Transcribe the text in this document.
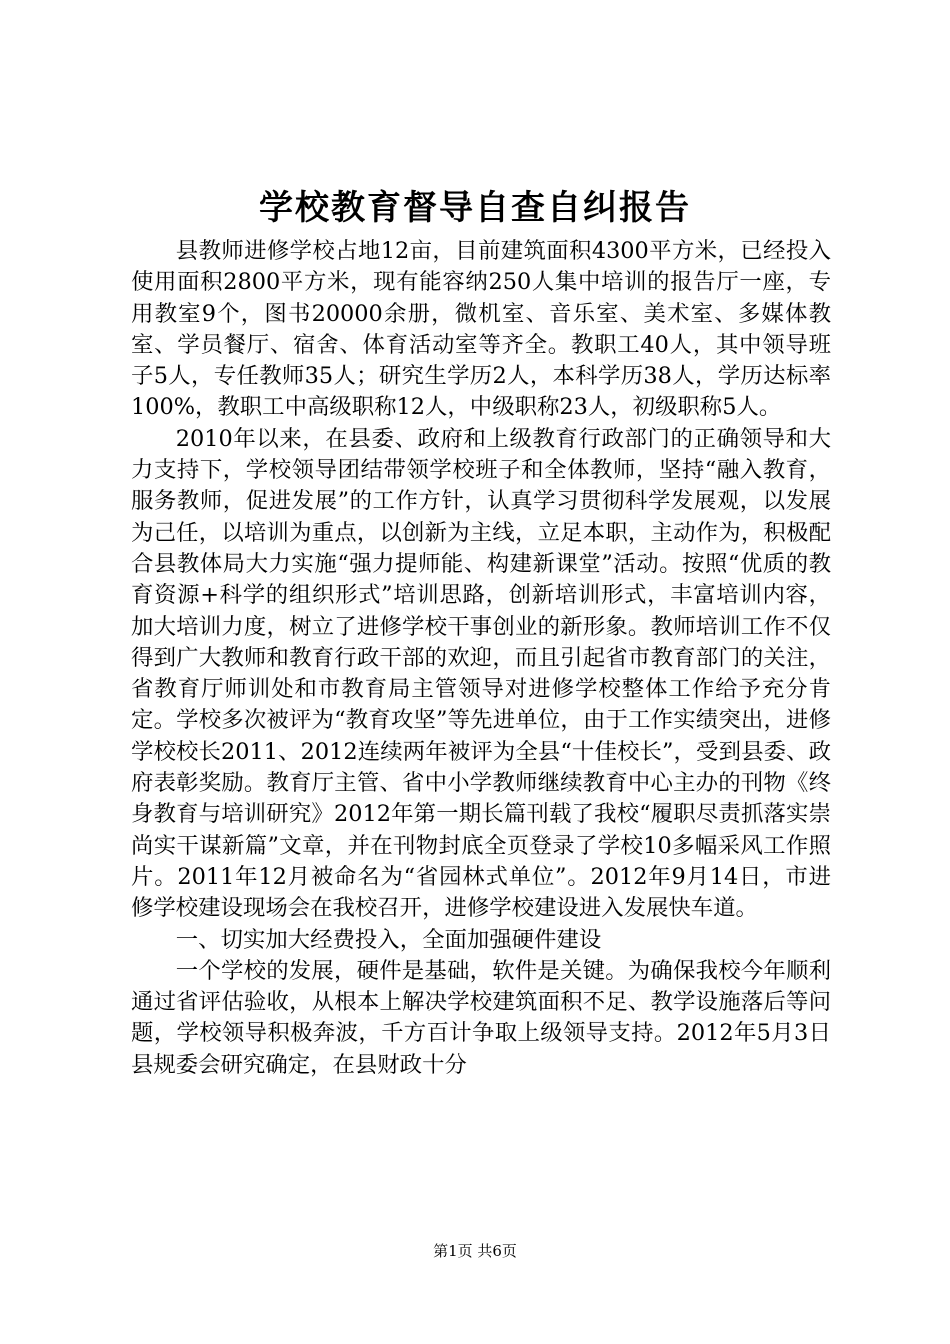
学校教育督导自查自纠报告

县教师进修学校占地12亩，目前建筑面积4300平方米，已经投入使用面积2800平方米，现有能容纳250人集中培训的报告厅一座，专用教室9个，图书20000余册，微机室、音乐室、美术室、多媒体教室、学员餐厅、宿舍、体育活动室等齐全。教职工40人，其中领导班子5人，专任教师35人；研究生学历2人，本科学历38人，学历达标率100%，教职工中高级职称12人，中级职称23人，初级职称5人。

2010年以来，在县委、政府和上级教育行政部门的正确领导和大力支持下，学校领导团结带领学校班子和全体教师，坚持“融入教育，服务教师，促进发展”的工作方针，认真学习贯彻科学发展观，以发展为己任，以培训为重点，以创新为主线，立足本职，主动作为，积极配合县教体局大力实施“强力提师能、构建新课堂”活动。按照“优质的教育资源+科学的组织形式”培训思路，创新培训形式，丰富培训内容，加大培训力度，树立了进修学校干事创业的新形象。教师培训工作不仅得到广大教师和教育行政干部的欢迎，而且引起省市教育部门的关注，省教育厅师训处和市教育局主管领导对进修学校整体工作给予充分肯定。学校多次被评为“教育攻坚”等先进单位，由于工作实绩突出，进修学校校长2011、2012连续两年被评为全县“十佳校长”，受到县委、政府表彰奖励。教育厅主管、省中小学教师继续教育中心主办的刊物《终身教育与培训研究》2012年第一期长篇刊载了我校“履职尽责抓落实崇尚实干谋新篇”文章，并在刊物封底全页登录了学校10多幅采风工作照片。2011年12月被命名为“省园林式单位”。2012年9月14日，市进修学校建设现场会在我校召开，进修学校建设进入发展快车道。

一、切实加大经费投入，全面加强硬件建设

一个学校的发展，硬件是基础，软件是关键。为确保我校今年顺利通过省评估验收，从根本上解决学校建筑面积不足、教学设施落后等问题，学校领导积极奔波，千方百计争取上级领导支持。2012年5月3日县规委会研究确定，在县财政十分

第1页 共6页
